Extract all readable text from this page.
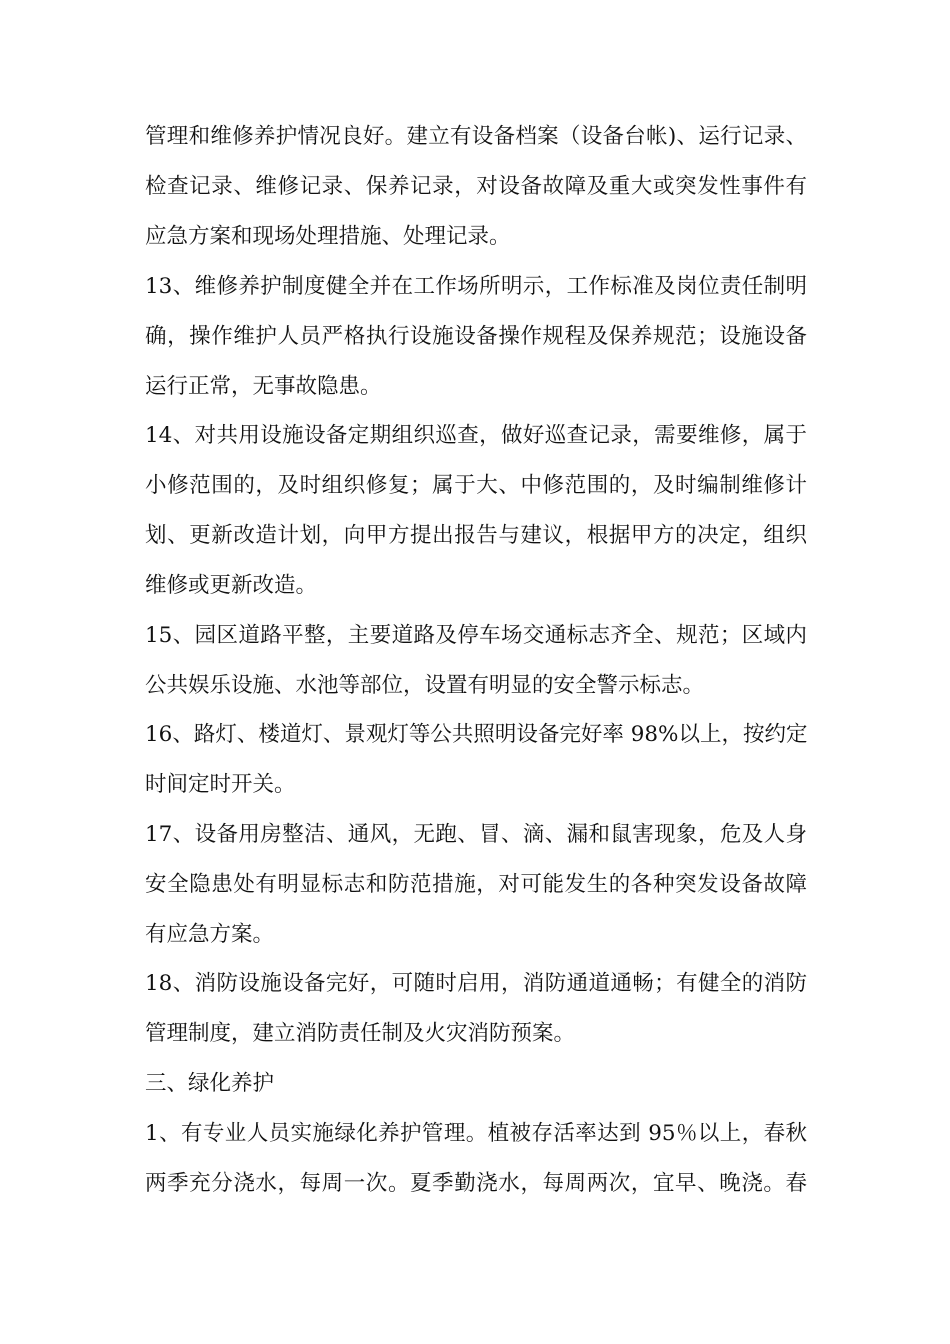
管理和维修养护情况良好。建立有设备档案（设备台帐)、运行记录、
检查记录、维修记录、保养记录，对设备故障及重大或突发性事件有
应急方案和现场处理措施、处理记录。
13、维修养护制度健全并在工作场所明示，工作标准及岗位责任制明
确，操作维护人员严格执行设施设备操作规程及保养规范；设施设备
运行正常，无事故隐患。
14、对共用设施设备定期组织巡查，做好巡查记录，需要维修，属于
小修范围的，及时组织修复；属于大、中修范围的，及时编制维修计
划、更新改造计划，向甲方提出报告与建议，根据甲方的决定，组织
维修或更新改造。
15、园区道路平整，主要道路及停车场交通标志齐全、规范；区域内
公共娱乐设施、水池等部位，设置有明显的安全警示标志。
16、路灯、楼道灯、景观灯等公共照明设备完好率 98%以上，按约定
时间定时开关。
17、设备用房整洁、通风，无跑、冒、滴、漏和鼠害现象，危及人身
安全隐患处有明显标志和防范措施，对可能发生的各种突发设备故障
有应急方案。
18、消防设施设备完好，可随时启用，消防通道通畅；有健全的消防
管理制度，建立消防责任制及火灾消防预案。
三、绿化养护
1、有专业人员实施绿化养护管理。植被存活率达到 95％以上，春秋
两季充分浇水，每周一次。夏季勤浇水，每周两次，宜早、晚浇。春
